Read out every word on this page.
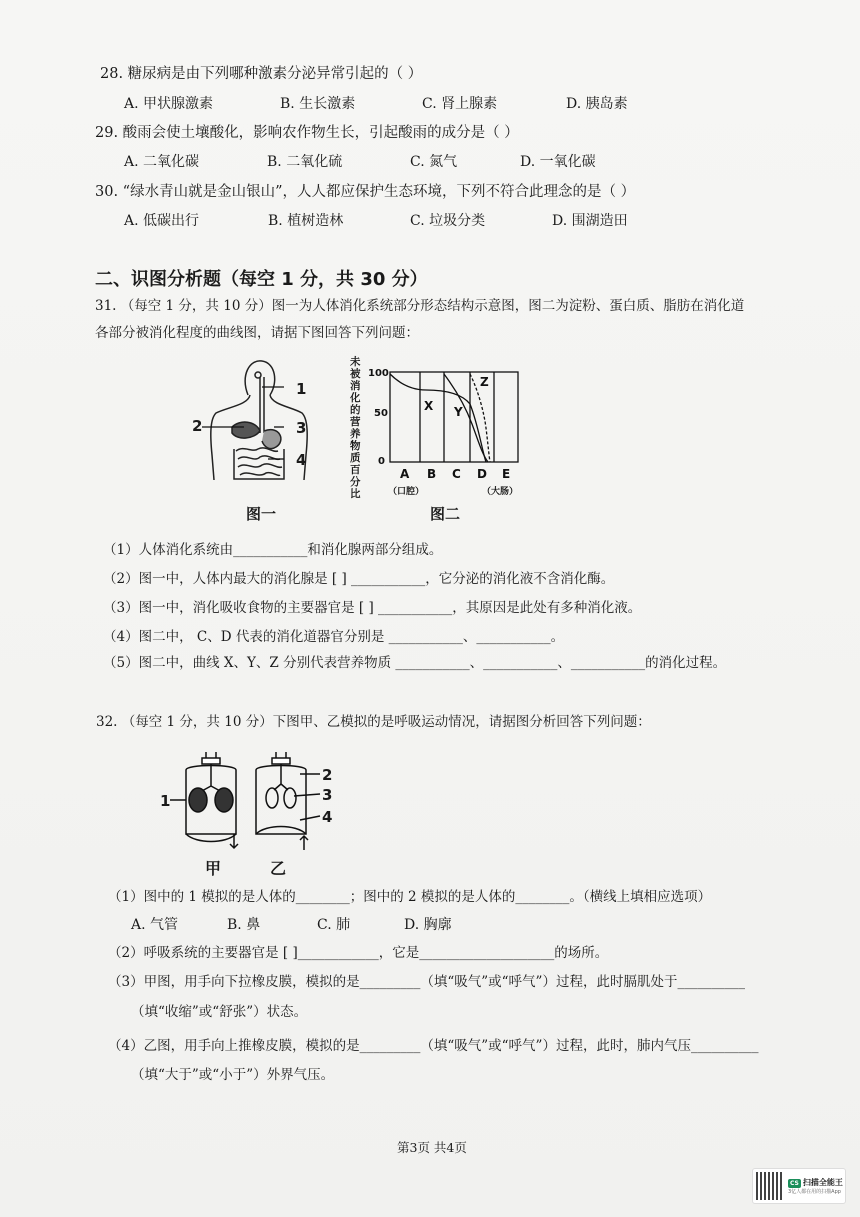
28. 糖尿病是由下列哪种激素分泌异常引起的（ ）
A. 甲状腺激素	B. 生长激素	C. 肾上腺素	D. 胰岛素
29. 酸雨会使土壤酸化，影响农作物生长，引起酸雨的成分是（ ）
A. 二氧化碳	B. 二氧化硫	C. 氮气	D. 一氧化碳
30. “绿水青山就是金山银山”，人人都应保护生态环境，下列不符合此理念的是（ ）
A. 低碳出行	B. 植树造林	C. 垃圾分类	D. 围湖造田
二、识图分析题（每空 1 分，共 30 分）
31. （每空 1 分，共 10 分）图一为人体消化系统部分形态结构示意图，图二为淀粉、蛋白质、脂肪在消化道
各部分被消化程度的曲线图，请据下图回答下列问题：
1
2	3
4
图一
未
被
消
化
的
营
养
物
质
百
分
比
100
50
0
X Y
Z
A B C D E
（口腔）	（大肠）
图二
（1）人体消化系统由___________和消化腺两部分组成。
（2）图一中，人体内最大的消化腺是 [ ] ___________，它分泌的消化液不含消化酶。
（3）图一中，消化吸收食物的主要器官是 [ ] ___________，其原因是此处有多种消化液。
（4）图二中， C、D 代表的消化道器官分别是 ___________、___________。
（5）图二中，曲线 X、Y、Z 分别代表营养物质 ___________、___________、___________的消化过程。
32. （每空 1 分，共 10 分）下图甲、乙模拟的是呼吸运动情况，请据图分析回答下列问题：
1
2
3
4
甲	乙
（1）图中的 1 模拟的是人体的________；图中的 2 模拟的是人体的________。（横线上填相应选项）
A. 气管	B. 鼻	C. 肺	D. 胸廓
（2）呼吸系统的主要器官是 [ ]____________，它是____________________的场所。
（3）甲图，用手向下拉橡皮膜，模拟的是_________（填“吸气”或“呼气”）过程，此时膈肌处于__________
（填“收缩”或“舒张”）状态。
（4）乙图，用手向上推橡皮膜，模拟的是_________（填“吸气”或“呼气”）过程，此时，肺内气压__________
（填“大于”或“小于”）外界气压。
第3页 共4页
CS 扫描全能王
3亿人都在用的扫描App
